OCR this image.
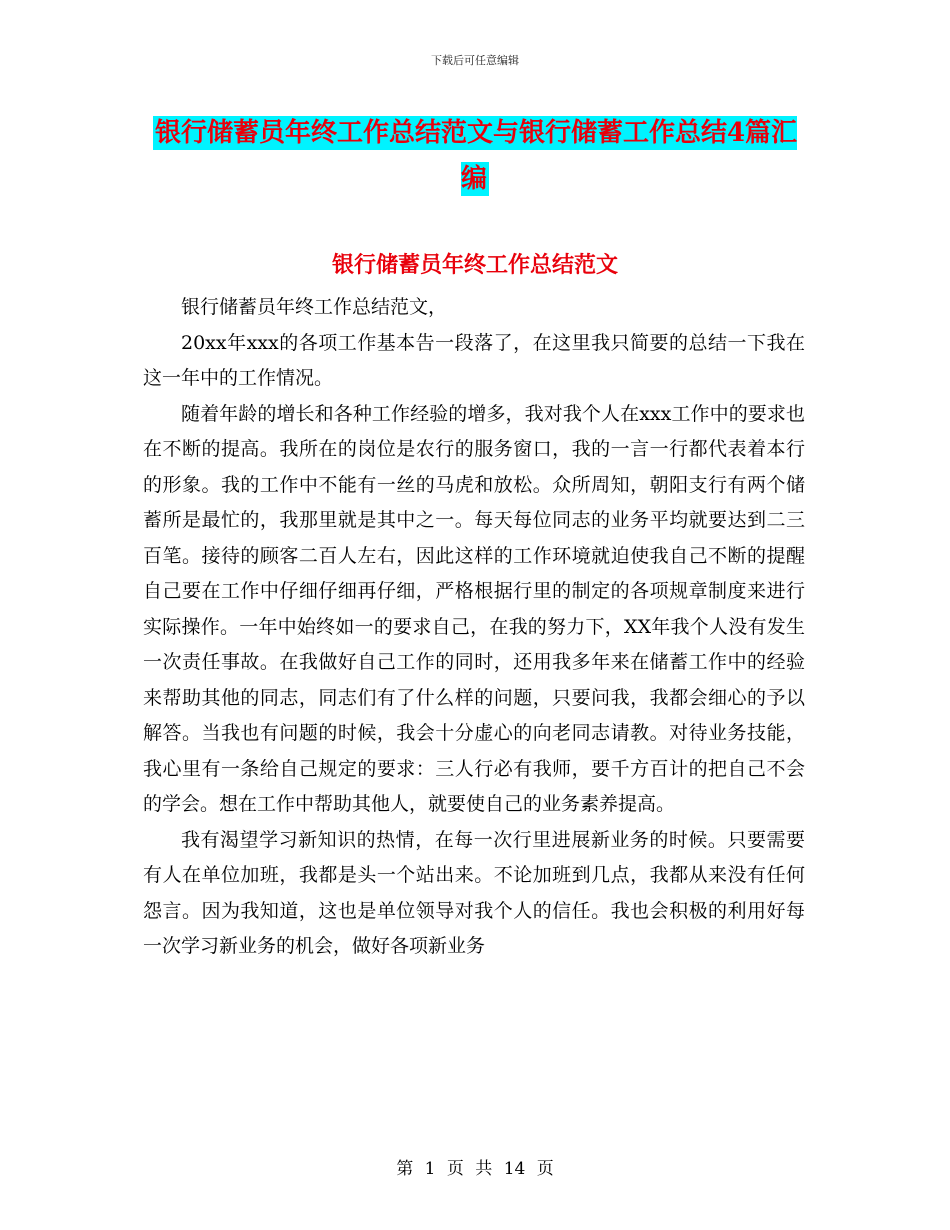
下载后可任意编辑
银行储蓄员年终工作总结范文与银行储蓄工作总结4篇汇编
银行储蓄员年终工作总结范文

银行储蓄员年终工作总结范文，

20xx年xxx的各项工作基本告一段落了，在这里我只简要的总结一下我在这一年中的工作情况。

随着年龄的增长和各种工作经验的增多，我对我个人在xxx工作中的要求也在不断的提高。我所在的岗位是农行的服务窗口，我的一言一行都代表着本行的形象。我的工作中不能有一丝的马虎和放松。众所周知，朝阳支行有两个储蓄所是最忙的，我那里就是其中之一。每天每位同志的业务平均就要达到二三百笔。接待的顾客二百人左右，因此这样的工作环境就迫使我自己不断的提醒自己要在工作中仔细仔细再仔细，严格根据行里的制定的各项规章制度来进行实际操作。一年中始终如一的要求自己，在我的努力下，XX年我个人没有发生一次责任事故。在我做好自己工作的同时，还用我多年来在储蓄工作中的经验来帮助其他的同志，同志们有了什么样的问题，只要问我，我都会细心的予以解答。当我也有问题的时候，我会十分虚心的向老同志请教。对待业务技能，我心里有一条给自己规定的要求：三人行必有我师，要千方百计的把自己不会的学会。想在工作中帮助其他人，就要使自己的业务素养提高。

我有渴望学习新知识的热情，在每一次行里进展新业务的时候。只要需要有人在单位加班，我都是头一个站出来。不论加班到几点，我都从来没有任何怨言。因为我知道，这也是单位领导对我个人的信任。我也会积极的利用好每一次学习新业务的机会，做好各项新业务

第 1 页 共 14 页
